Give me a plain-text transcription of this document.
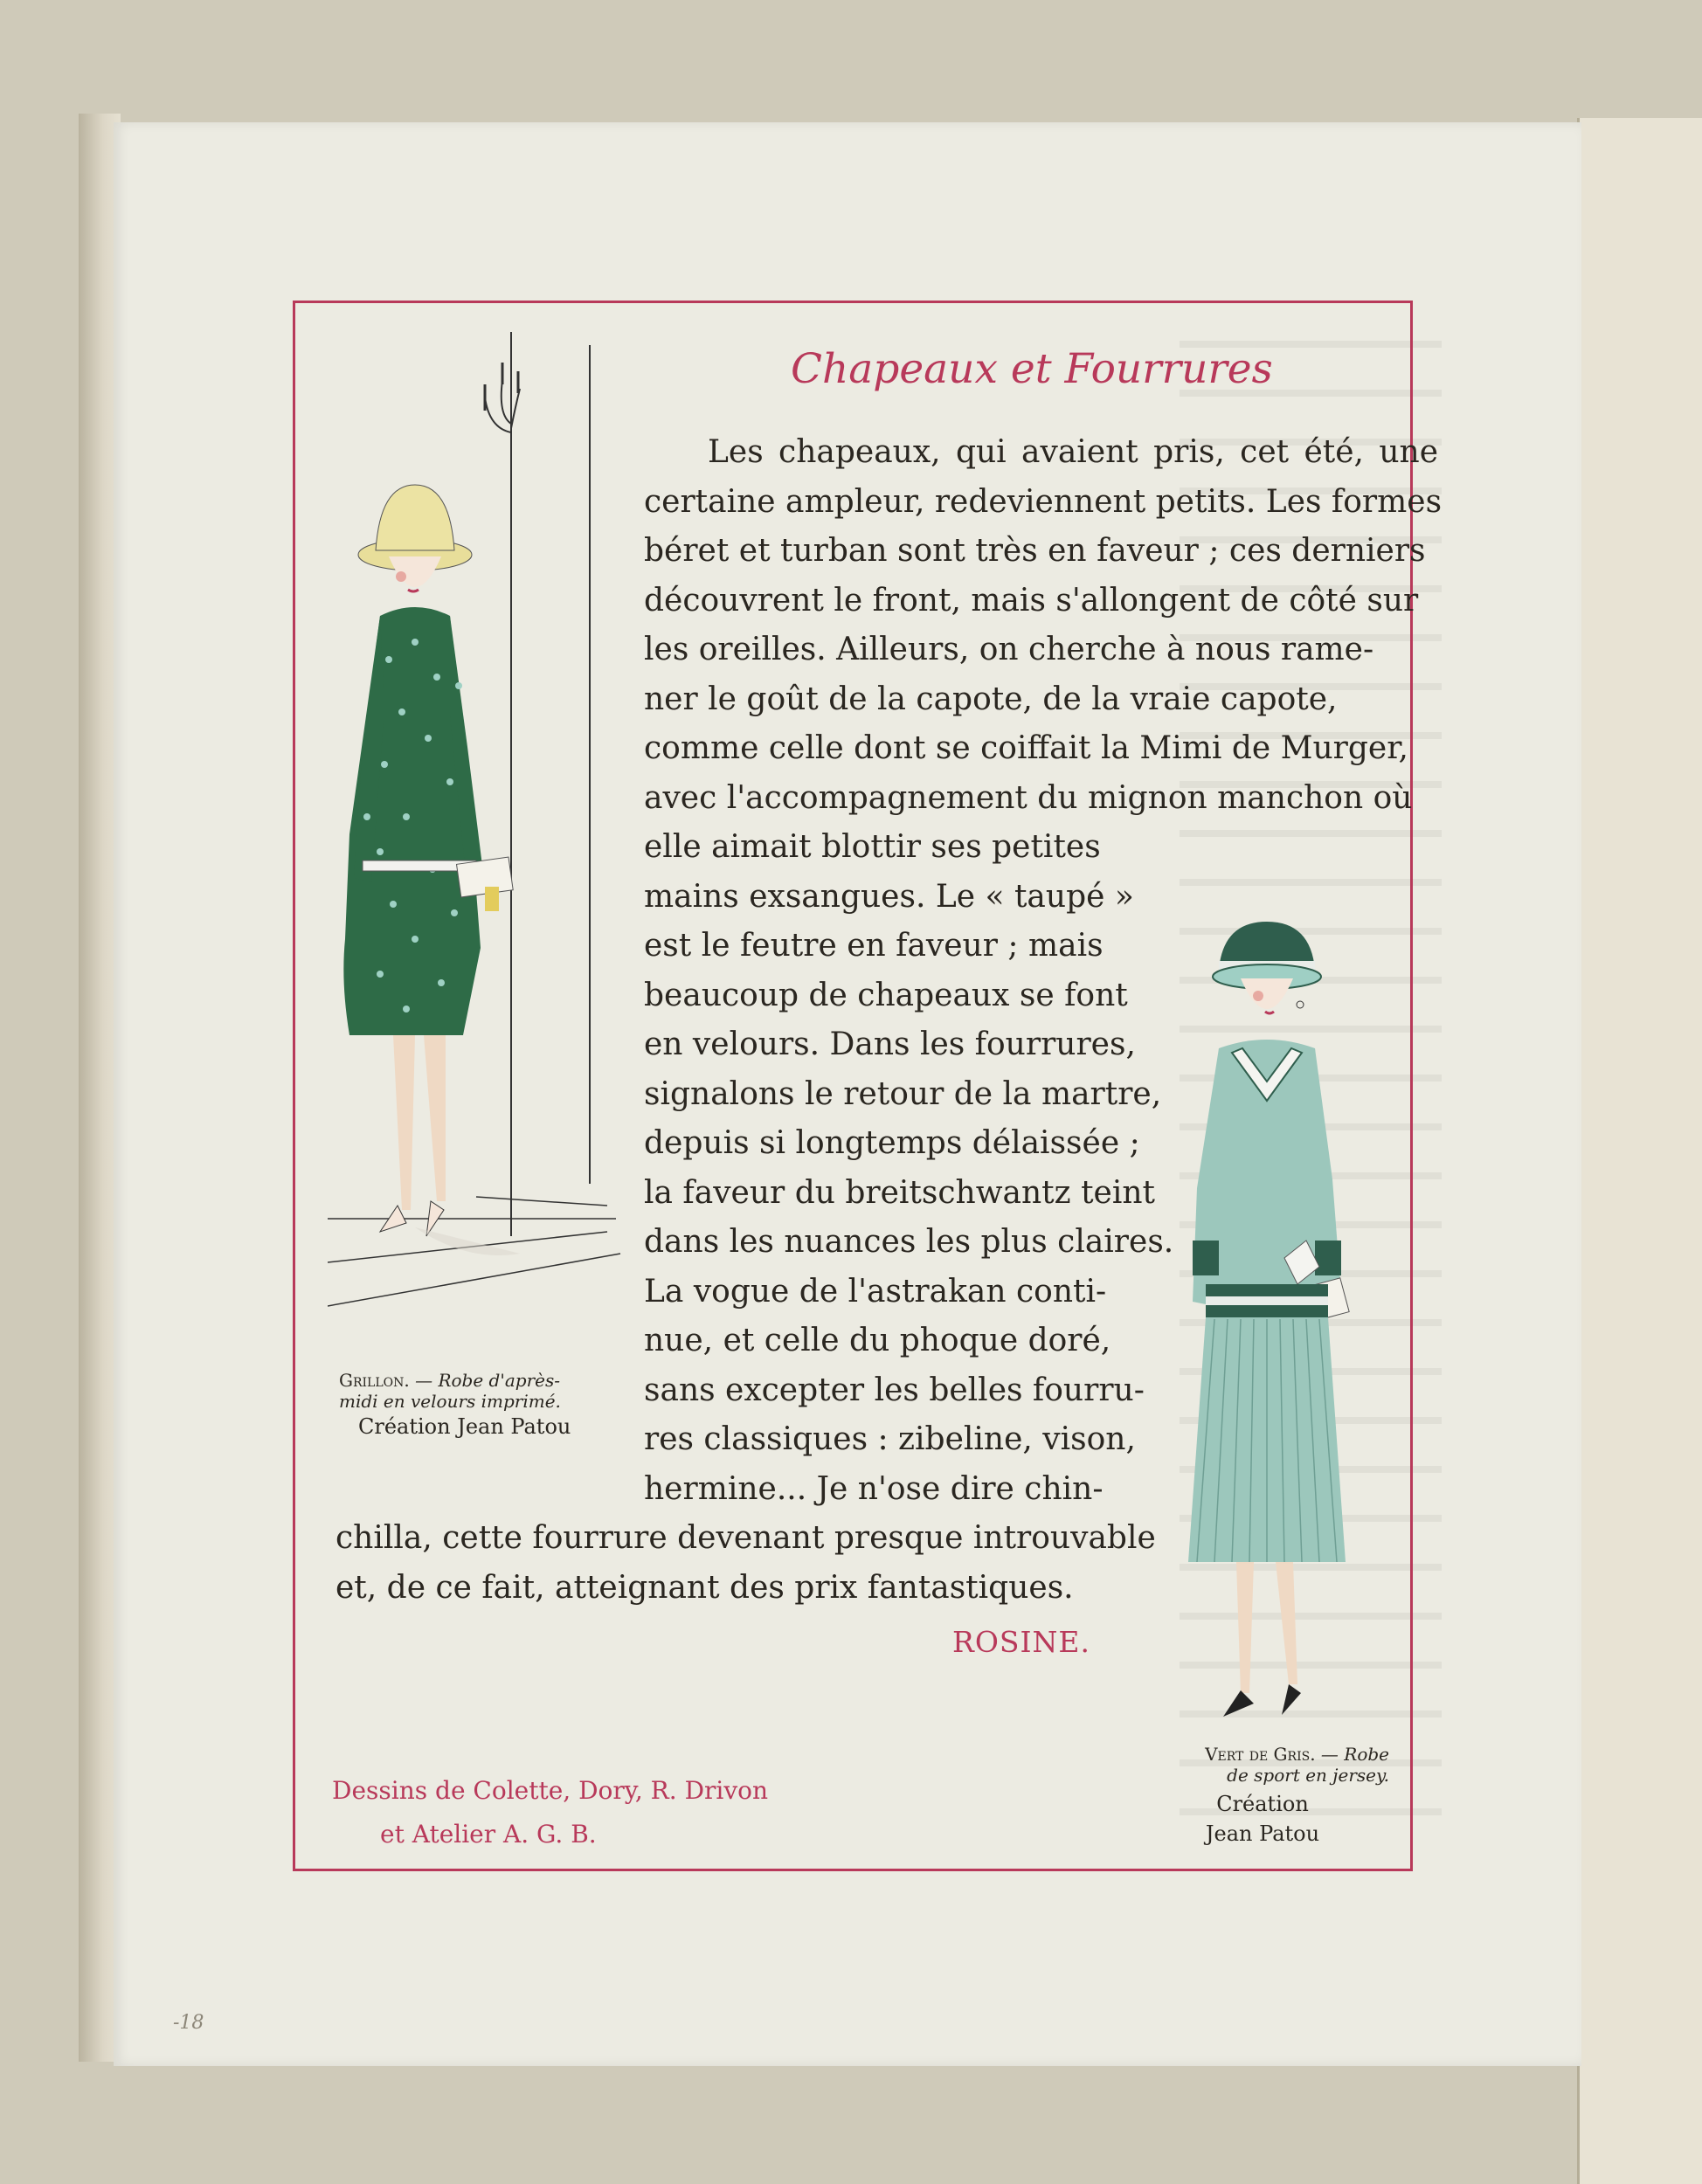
Chapeaux et Fourrures
Les chapeaux, qui avaient pris, cet été, une
certaine ampleur, redeviennent petits. Les formes
béret et turban sont très en faveur ; ces derniers
découvrent le front, mais s'allongent de côté sur
les oreilles. Ailleurs, on cherche à nous rame-
ner le goût de la capote, de la vraie capote,
comme celle dont se coiffait la Mimi de Murger,
avec l'accompagnement du mignon manchon où
elle aimait blottir ses petites
mains exsangues. Le « taupé »
est le feutre en faveur ; mais
beaucoup de chapeaux se font
en velours. Dans les fourrures,
signalons le retour de la martre,
depuis si longtemps délaissée ;
la faveur du breitschwantz teint
dans les nuances les plus claires.
La vogue de l'astrakan conti-
nue, et celle du phoque doré,
sans excepter les belles fourru-
res classiques : zibeline, vison,
hermine... Je n'ose dire chin-
chilla, cette fourrure devenant presque introuvable
et, de ce fait, atteignant des prix fantastiques.
ROSINE.
Grillon. — Robe d'après-
midi en velours imprimé.
Création Jean Patou
Vert de Gris. — Robe
de sport en jersey.
Création
Jean Patou
Dessins de Colette, Dory, R. Drivon
et Atelier A. G. B.
-18
